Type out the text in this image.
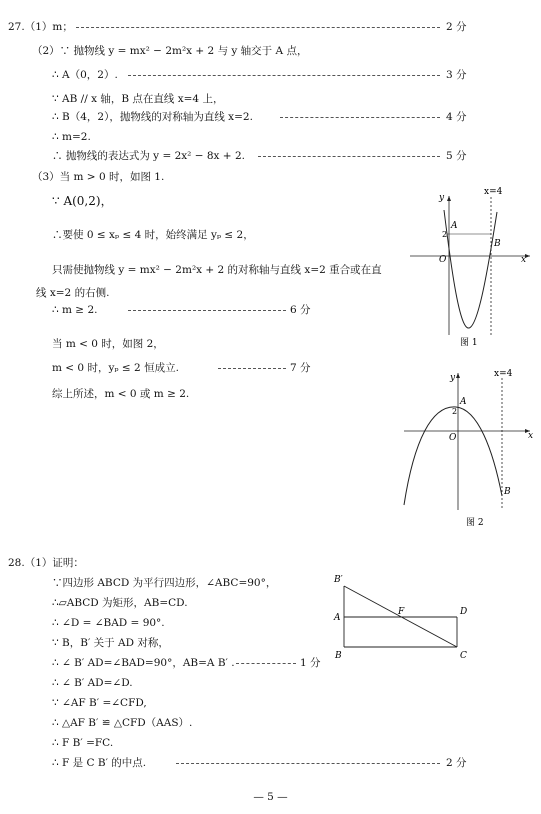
27.（1）m；	2 分
（2）∵ 抛物线 y = mx² − 2m²x + 2 与 y 轴交于 A 点，
∴ A（0，2）.	3 分
∵ AB // x 轴，B 点在直线 x=4 上，
∴ B（4，2），抛物线的对称轴为直线 x=2.	4 分
∴ m=2.
∴ 抛物线的表达式为 y = 2x² − 8x + 2.	5 分
（3）当 m > 0 时，如图 1.
∵ A(0,2)，
∴要使 0 ≤ xₚ ≤ 4 时，始终满足 yₚ ≤ 2，
只需使抛物线 y = mx² − 2m²x + 2 的对称轴与直线 x=2 重合或在直
线 x=2 的右侧.
∴ m ≥ 2.	6 分
当 m < 0 时，如图 2，
m < 0 时，yₚ ≤ 2 恒成立.	7 分
综上所述，m < 0 或 m ≥ 2.
y
x=4
A
2
B
O	x
图 1
y	x=4
A
2
O	x
B
图 2
28.（1）证明：
∵四边形 ABCD 为平行四边形，∠ABC=90°，
∴▱ABCD 为矩形，AB=CD.
∴ ∠D = ∠BAD = 90°.
∵ B，B′ 关于 AD 对称，
∴ ∠ B′ AD=∠BAD=90°，AB=A B′ .	1 分
∴ ∠ B′ AD=∠D.
∵ ∠AF B′ =∠CFD,
∴ △AF B′ ≌ △CFD（AAS）.
∴ F B′ =FC.
∴ F 是 C B′ 的中点.	2 分
B′
A
F	D
B	C
— 5 —
